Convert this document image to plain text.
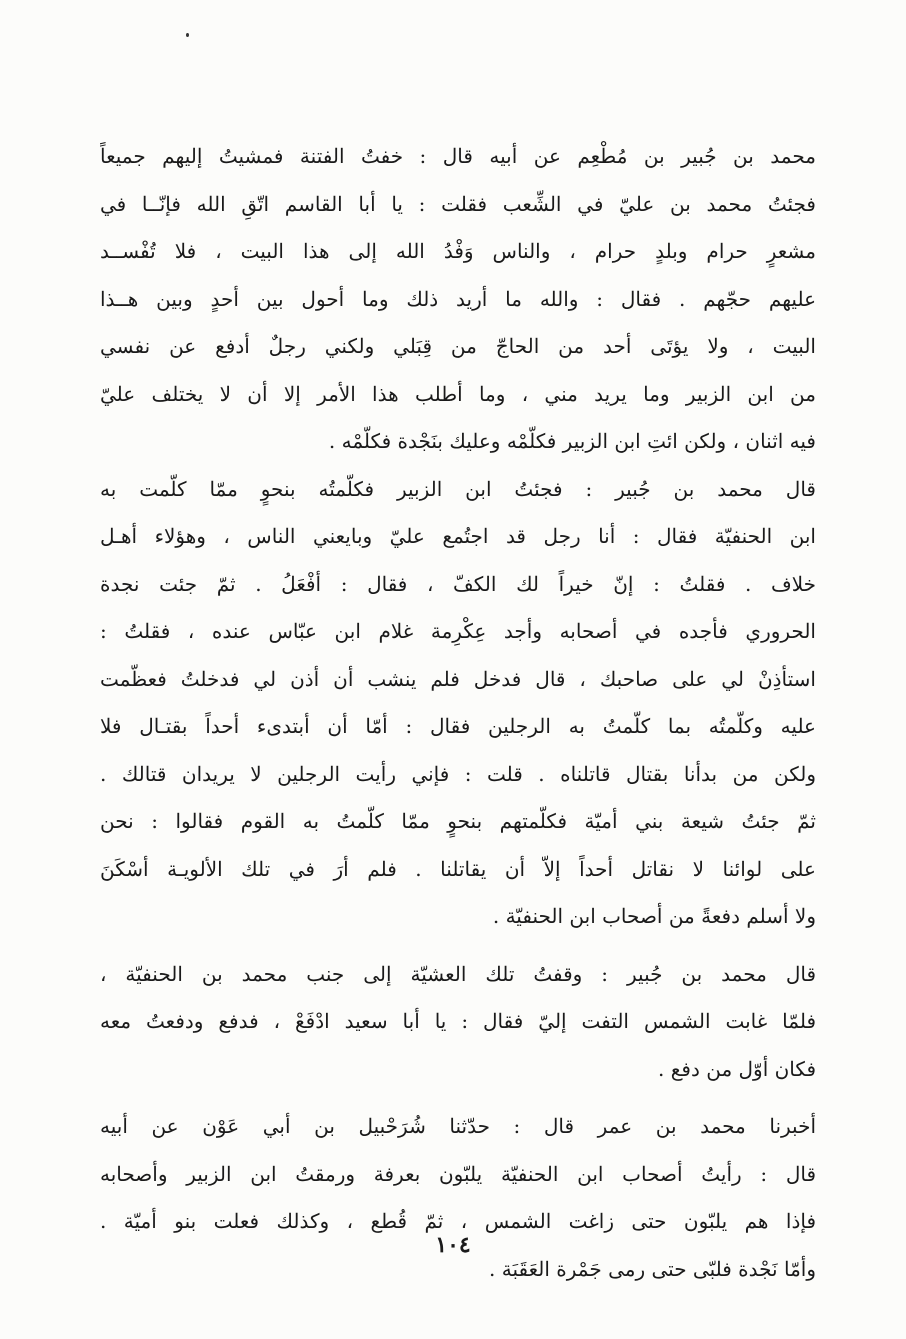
محمد بن جُبير بن مُطْعِم عن أبيه قال : خفتُ الفتنة فمشيتُ إليهم جميعاً
فجئتُ محمد بن عليّ في الشِّعب فقلت : يا أبا القاسم اتّقِ الله فإنّــا في
مشعرٍ حرام وبلدٍ حرام ، والناس وَفْدُ الله إلى هذا البيت ، فلا تُفْســد
عليهم حجّهم . فقال : والله ما أريد ذلك وما أحول بين أحدٍ وبين هــذا
البيت ، ولا يؤتَى أحد من الحاجّ من قِبَلي ولكني رجلٌ أدفع عن نفسي
من ابن الزبير وما يريد مني ، وما أطلب هذا الأمر إلا أن لا يختلف عليّ
فيه اثنان ، ولكن ائتِ ابن الزبير فكلّمْه وعليك بنَجْدة فكلّمْه .
قال محمد بن جُبير : فجئتُ ابن الزبير فكلّمتُه بنحوٍ ممّا كلّمت به
ابن الحنفيّة فقال : أنا رجل قد اجتُمع عليّ وبايعني الناس ، وهؤلاء أهـل
خلاف . فقلتُ : إنّ خيراً لك الكفّ ، فقال : أفْعَلُ . ثمّ جئت نجدة
الحروري فأجده في أصحابه وأجد عِكْرِمة غلام ابن عبّاس عنده ، فقلتُ :
استأذِنْ لي على صاحبك ، قال فدخل فلم ينشب أن أذن لي فدخلتُ فعظّمت
عليه وكلّمتُه بما كلّمتُ به الرجلين فقال : أمّا أن أبتدىء أحداً بقتـال فلا
ولكن من بدأنا بقتال قاتلناه . قلت : فإني رأيت الرجلين لا يريدان قتالك .
ثمّ جئتُ شيعة بني أميّة فكلّمتهم بنحوٍ ممّا كلّمتُ به القوم فقالوا : نحن
على لوائنا لا نقاتل أحداً إلاّ أن يقاتلنا . فلم أرَ في تلك الألويـة أسْكَنَ
ولا أسلم دفعةً من أصحاب ابن الحنفيّة .
قال محمد بن جُبير : وقفتُ تلك العشيّة إلى جنب محمد بن الحنفيّة ،
فلمّا غابت الشمس التفت إليّ فقال : يا أبا سعيد ادْفَعْ ، فدفع ودفعتُ معه
فكان أوّل من دفع .
أخبرنا محمد بن عمر قال : حدّثنا شُرَحْبيل بن أبي عَوْن عن أبيه
قال : رأيتُ أصحاب ابن الحنفيّة يلبّون بعرفة ورمقتُ ابن الزبير وأصحابه
فإذا هم يلبّون حتى زاغت الشمس ، ثمّ قُطع ، وكذلك فعلت بنو أميّة .
وأمّا نَجْدة فلبّى حتى رمى جَمْرة العَقَبَة .
١٠٤
